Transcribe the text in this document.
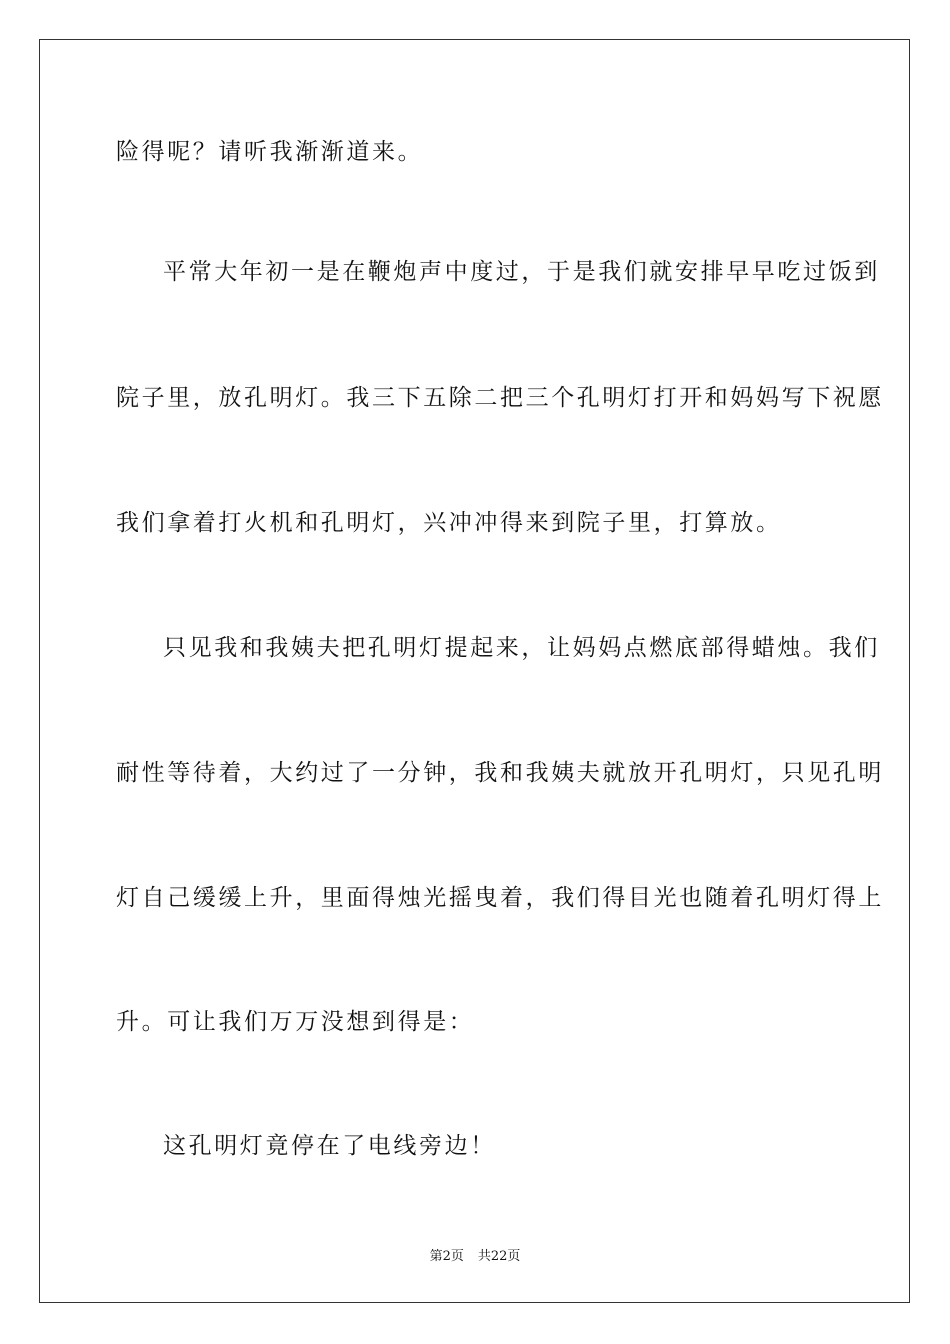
险得呢？请听我渐渐道来。
平常大年初一是在鞭炮声中度过，于是我们就安排早早吃过饭到
院子里，放孔明灯。我三下五除二把三个孔明灯打开和妈妈写下祝愿
我们拿着打火机和孔明灯，兴冲冲得来到院子里，打算放。
只见我和我姨夫把孔明灯提起来，让妈妈点燃底部得蜡烛。我们
耐性等待着，大约过了一分钟，我和我姨夫就放开孔明灯，只见孔明
灯自己缓缓上升，里面得烛光摇曳着，我们得目光也随着孔明灯得上
升。可让我们万万没想到得是：
这孔明灯竟停在了电线旁边！
第2页 共22页
